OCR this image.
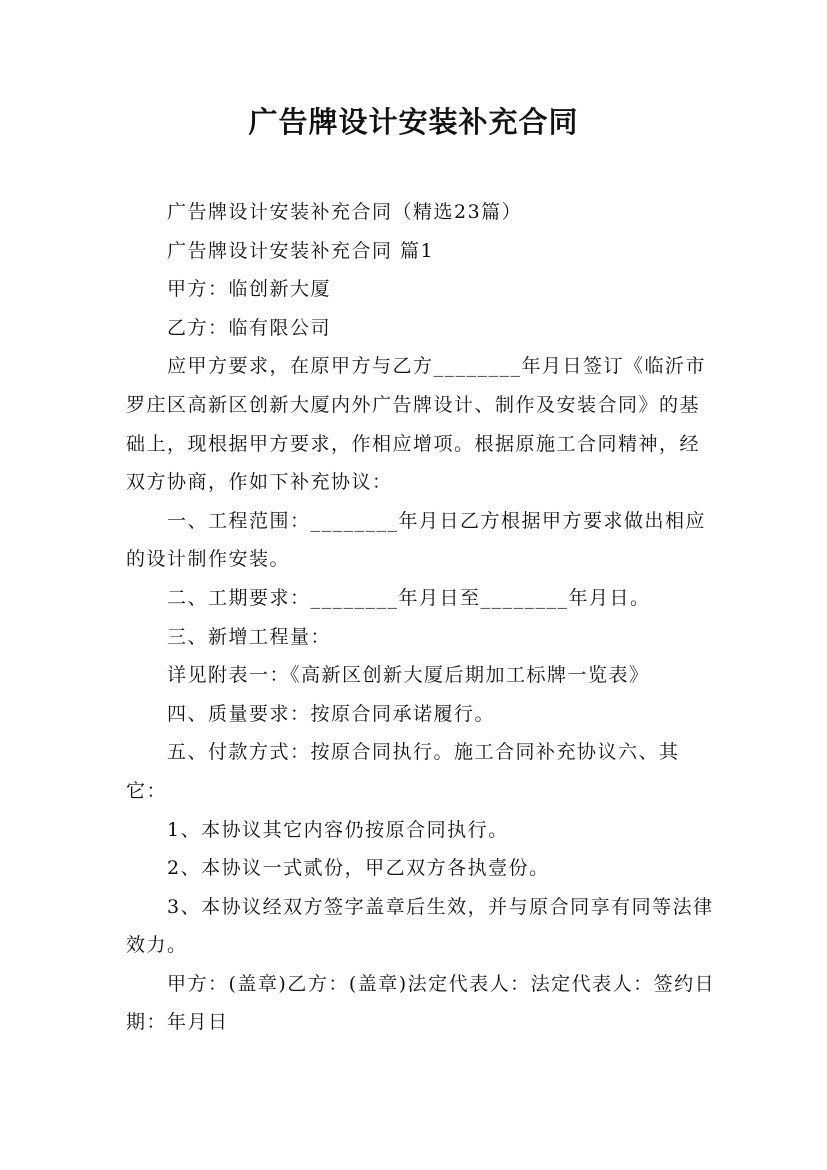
广告牌设计安装补充合同

广告牌设计安装补充合同（精选23篇）

广告牌设计安装补充合同 篇1

甲方：临创新大厦

乙方：临有限公司

应甲方要求，在原甲方与乙方________年月日签订《临沂市罗庄区高新区创新大厦内外广告牌设计、制作及安装合同》的基础上，现根据甲方要求，作相应增项。根据原施工合同精神，经双方协商，作如下补充协议：

一、工程范围：________年月日乙方根据甲方要求做出相应的设计制作安装。

二、工期要求：________年月日至________年月日。

三、新增工程量：

详见附表一：《高新区创新大厦后期加工标牌一览表》

四、质量要求：按原合同承诺履行。

五、付款方式：按原合同执行。施工合同补充协议六、其它：

1、本协议其它内容仍按原合同执行。

2、本协议一式贰份，甲乙双方各执壹份。

3、本协议经双方签字盖章后生效，并与原合同享有同等法律效力。

甲方：(盖章)乙方：(盖章)法定代表人：法定代表人：签约日期：年月日
